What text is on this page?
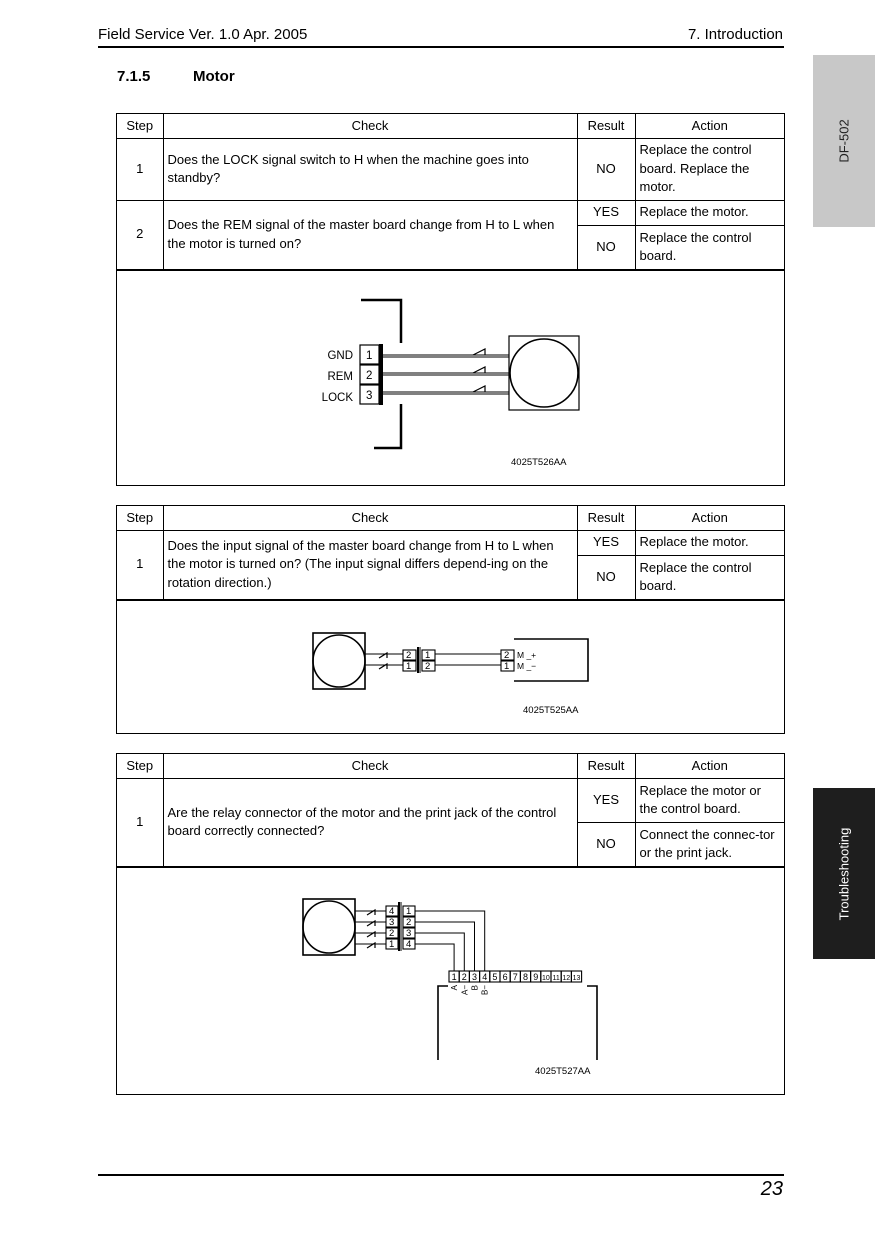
Field Service Ver. 1.0 Apr. 2005	7. Introduction
7.1.5	Motor
DF-502
Troubleshooting
Step	Check	Result	Action
1	Does the LOCK signal switch to H when the machine goes into standby?	NO	Replace the control board. Replace the motor.
2	Does the REM signal of the master board change from H to L when the motor is turned on?	YES	Replace the motor.
		NO	Replace the control board.
1
2
3
GND
REM
LOCK
4025T526AA
Step	Check	Result	Action
1	Does the input signal of the master board change from H to L when the motor is turned on? (The input signal differs depend-ing on the rotation direction.)	YES	Replace the motor.
		NO	Replace the control board.
2
1
1
2
2
1
M _+
M _−
4025T525AA
Step	Check	Result	Action
1	Are the relay connector of the motor and the print jack of the control board correctly connected?	YES	Replace the motor or the control board.
		NO	Connect the connec-tor or the print jack.
4
3
2
1
1
2
3
4
1 2 3 4 5 6 7 8 9 10 11 12 13
A A− B B−
4025T527AA
23
